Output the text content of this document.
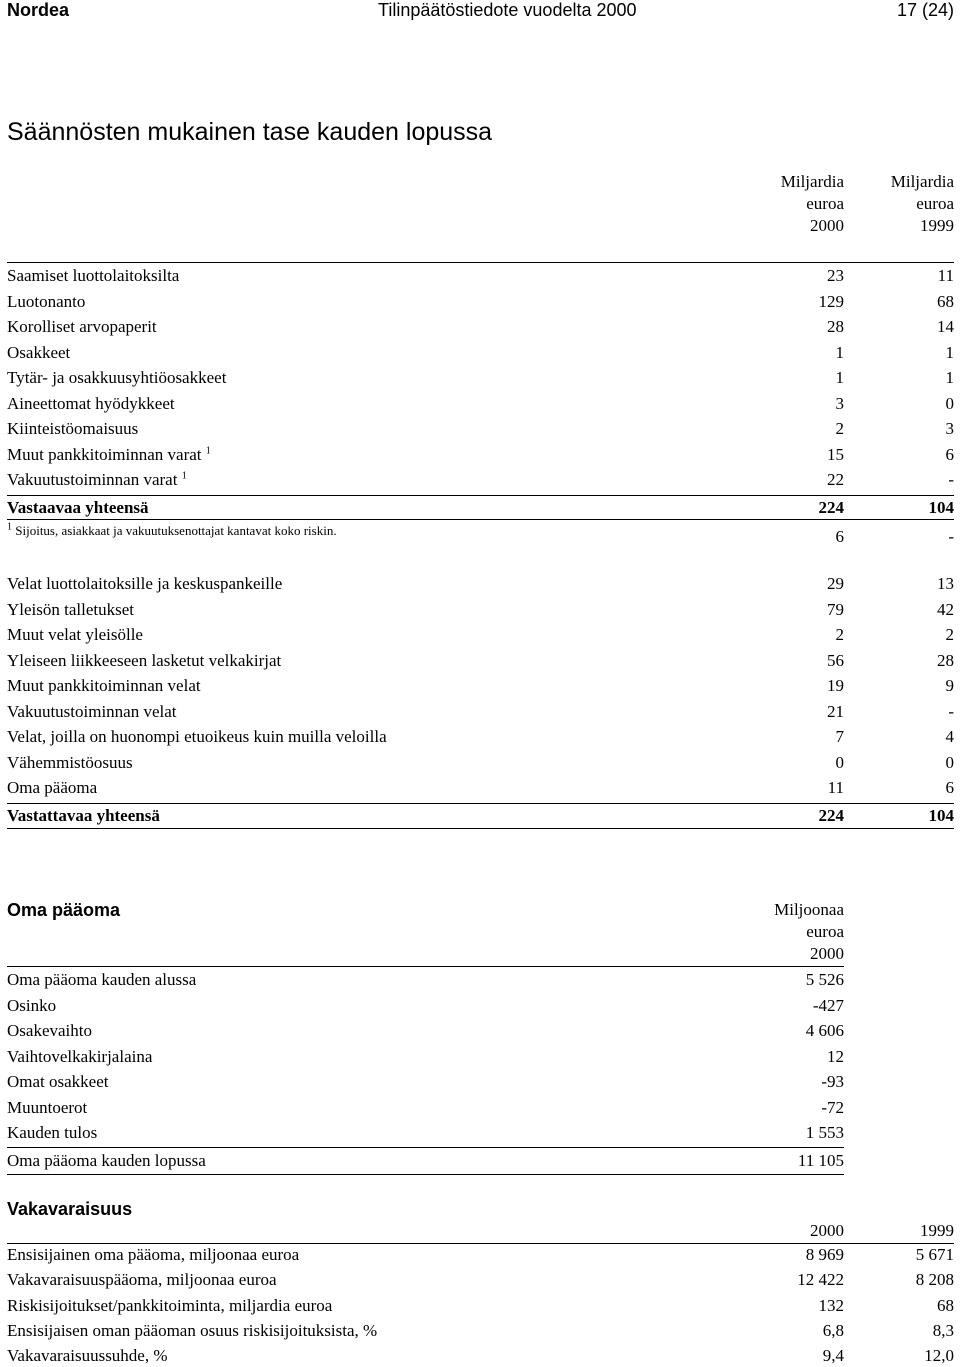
Nordea	Tilinpäätöstiedote vuodelta 2000	17 (24)
Säännösten mukainen tase kauden lopussa
Miljardia
euroa
2000
Miljardia
euroa
1999
Saamiset luottolaitoksilta	23	11
Luotonanto	129	68
Korolliset arvopaperit	28	14
Osakkeet	1	1
Tytär- ja osakkuusyhtiöosakkeet	1	1
Aineettomat hyödykkeet	3	0
Kiinteistöomaisuus	2	3
Muut pankkitoiminnan varat $^1$	15	6
Vakuutustoiminnan varat $^1$	22	-
Vastaavaa yhteensä	224	104
$^1$ Sijoitus, asiakkaat ja vakuutuksenottajat kantavat koko riskin.	6	-
Velat luottolaitoksille ja keskuspankeille	29	13
Yleisön talletukset	79	42
Muut velat yleisölle	2	2
Yleiseen liikkeeseen lasketut velkakirjat	56	28
Muut pankkitoiminnan velat	19	9
Vakuutustoiminnan velat	21	-
Velat, joilla on huonompi etuoikeus kuin muilla veloilla	7	4
Vähemmistöosuus	0	0
Oma pääoma	11	6
Vastattavaa yhteensä	224	104
Oma pääoma	Miljoonaa
euroa
2000
Oma pääoma kauden alussa	5 526
Osinko	-427
Osakevaihto	4 606
Vaihtovelkakirjalaina	12
Omat osakkeet	-93
Muuntoerot	-72
Kauden tulos	1 553
Oma pääoma kauden lopussa	11 105
Vakavaraisuus
2000	1999
Ensisijainen oma pääoma, miljoonaa euroa	8 969	5 671
Vakavaraisuuspääoma, miljoonaa euroa	12 422	8 208
Riskisijoitukset/pankkitoiminta, miljardia euroa	132	68
Ensisijaisen oman pääoman osuus riskisijoituksista, %	6,8	8,3
Vakavaraisuussuhde, %	9,4	12,0
